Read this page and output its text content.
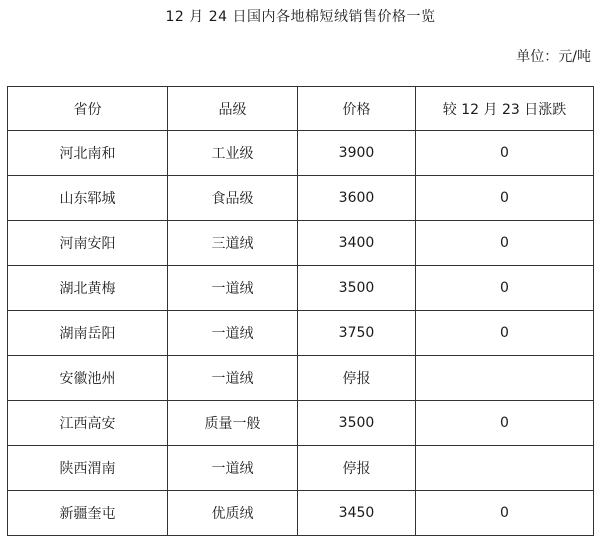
12 月 24 日国内各地棉短绒销售价格一览
单位：元/吨
省份	品级	价格	较 12 月 23 日涨跌
河北南和	工业级	3900	0
山东郓城	食品级	3600	0
河南安阳	三道绒	3400	0
湖北黄梅	一道绒	3500	0
湖南岳阳	一道绒	3750	0
安徽池州	一道绒	停报	
江西高安	质量一般	3500	0
陕西渭南	一道绒	停报	
新疆奎屯	优质绒	3450	0
